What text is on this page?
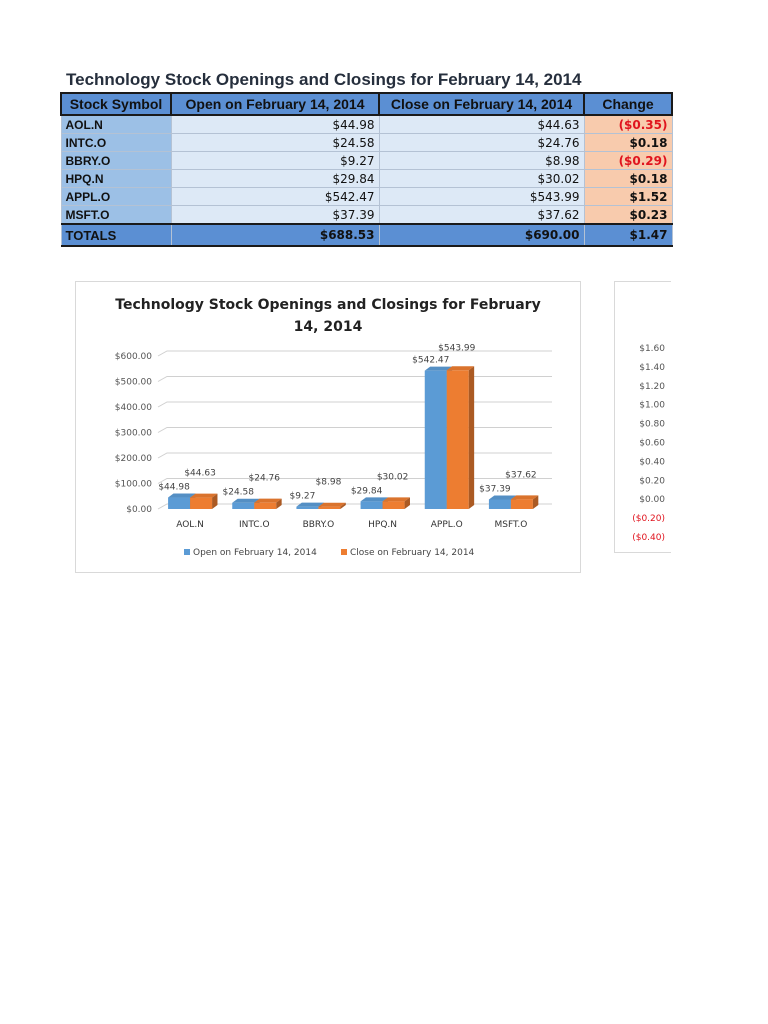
Technology Stock Openings and Closings for February 14, 2014
Stock Symbol	Open on February 14, 2014	Close on February 14, 2014	Change
AOL.N	$44.98	$44.63	($0.35)
INTC.O	$24.58	$24.76	$0.18
BBRY.O	$9.27	$8.98	($0.29)
HPQ.N	$29.84	$30.02	$0.18
APPL.O	$542.47	$543.99	$1.52
MSFT.O	$37.39	$37.62	$0.23
TOTALS	$688.53	$690.00	$1.47
Technology Stock Openings and Closings for February
14, 2014
$0.00
$100.00
$200.00
$300.00
$400.00
$500.00
$600.00
$44.98
$44.63
AOL.N
$24.58
$24.76
INTC.O
$9.27
$8.98
BBRY.O
$29.84
$30.02
HPQ.N
$542.47
$543.99
APPL.O
$37.39
$37.62
MSFT.O
Open on February 14, 2014	Close on February 14, 2014
$1.60
$1.40
$1.20
$1.00
$0.80
$0.60
$0.40
$0.20
$0.00
($0.20)
($0.40)
